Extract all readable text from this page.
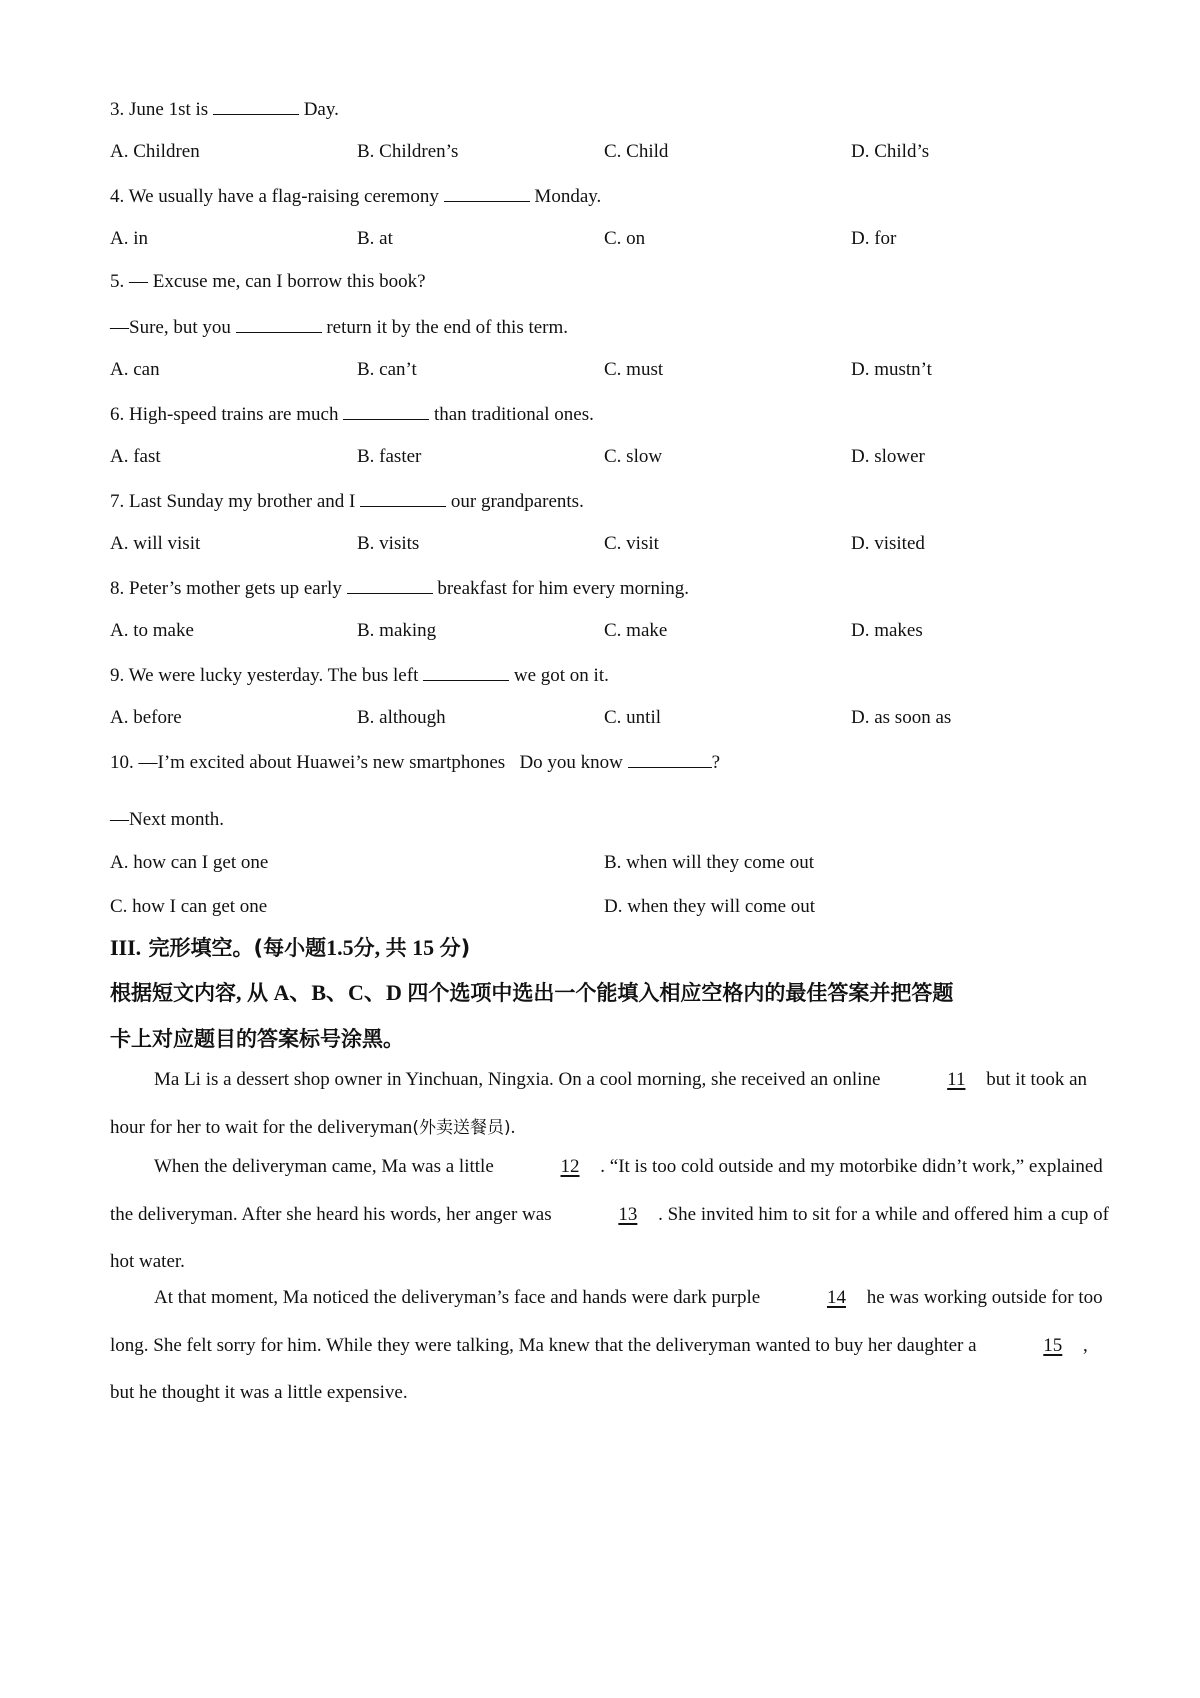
3. June 1st is	Day.
A. Children	B. Children’s	C. Child	D. Child’s
4. We usually have a flag-raising ceremony	Monday.
A. in	B. at	C. on	D. for
5. — Excuse me, can I borrow this book?
—Sure, but you	return it by the end of this term.
A. can	B. can’t	C. must	D. mustn’t
6. High-speed trains are much	than traditional ones.
A. fast	B. faster	C. slow	D. slower
7. Last Sunday my brother and I	our grandparents.
A. will visit	B. visits	C. visit	D. visited
8. Peter’s mother gets up early	breakfast for him every morning.
A. to make	B. making	C. make	D. makes
9. We were lucky yesterday. The bus left	we got on it.
A. before	B. although	C. until	D. as soon as
10. —I’m excited about Huawei’s new smartphones   Do you know	?
—Next month.
A. how can I get one	B. when will they come out
C. how I can get one	D. when they will come out
III. 完形填空。(每小题1.5分, 共 15 分)
根据短文内容, 从 A、B、C、D 四个选项中选出一个能填入相应空格内的最佳答案并把答题
卡上对应题目的答案标号涂黑。
Ma Li is a dessert shop owner in Yinchuan, Ningxia. On a cool morning, she received an online	11 but it took an hour for her to wait for the deliveryman(外卖送餐员).
When the deliveryman came, Ma was a little	12 . “It is too cold outside and my motorbike didn’t work,” explained the deliveryman. After she heard his words, her anger was	13 . She invited him to sit for a while and offered him a cup of hot water.
At that moment, Ma noticed the deliveryman’s face and hands were dark purple	14 he was working outside for too long. She felt sorry for him. While they were talking, Ma knew that the deliveryman wanted to buy her daughter a	15 , but he thought it was a little expensive.
